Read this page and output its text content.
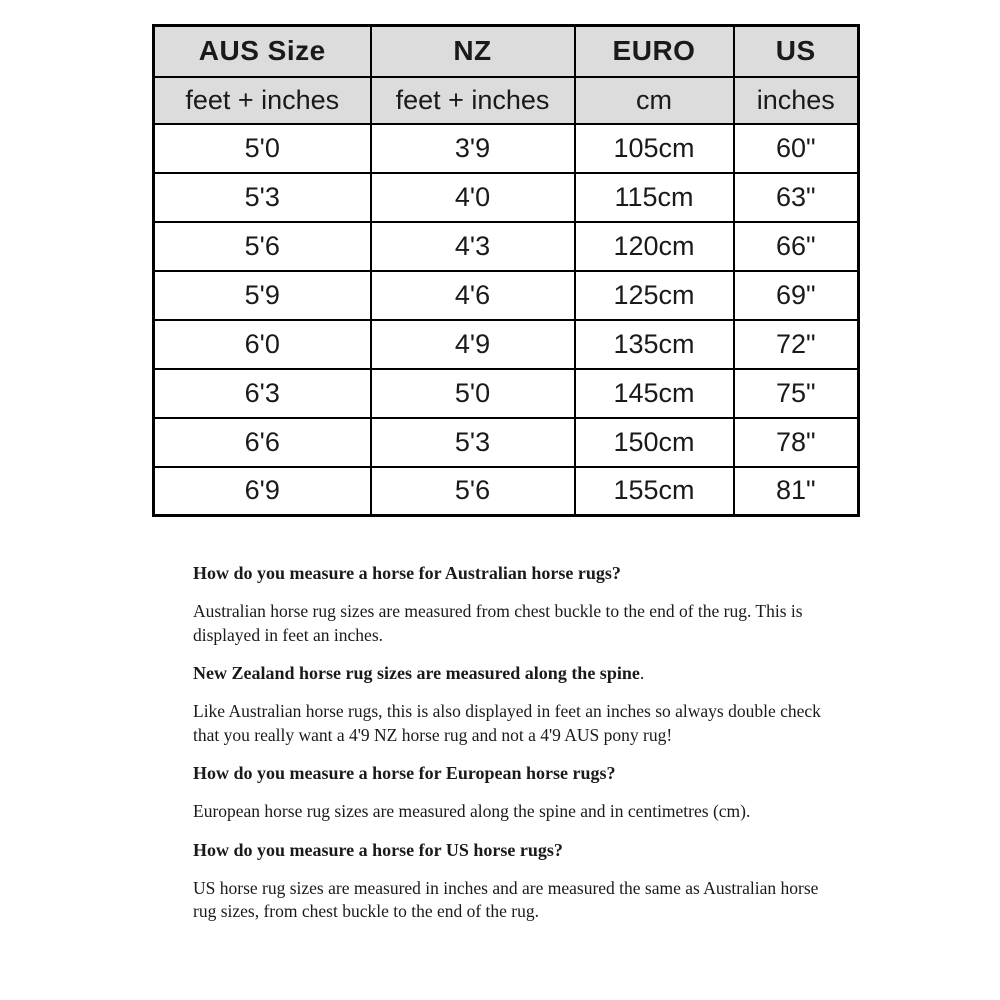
AUS Size	NZ	EURO	US
feet + inches	feet + inches	cm	inches
5'0	3'9	105cm	60"
5'3	4'0	115cm	63"
5'6	4'3	120cm	66"
5'9	4'6	125cm	69"
6'0	4'9	135cm	72"
6'3	5'0	145cm	75"
6'6	5'3	150cm	78"
6'9	5'6	155cm	81"
How do you measure a horse for Australian horse rugs?

Australian horse rug sizes are measured from chest buckle to the end of the rug. This is displayed in feet an inches.

New Zealand horse rug sizes are measured along the spine.

Like Australian horse rugs, this is also displayed in feet an inches so always double check that you really want a 4'9 NZ horse rug and not a 4'9 AUS pony rug!

How do you measure a horse for European horse rugs?

European horse rug sizes are measured along the spine and in centimetres (cm).

How do you measure a horse for US horse rugs?

US horse rug sizes are measured in inches and are measured the same as Australian horse rug sizes, from chest buckle to the end of the rug.
